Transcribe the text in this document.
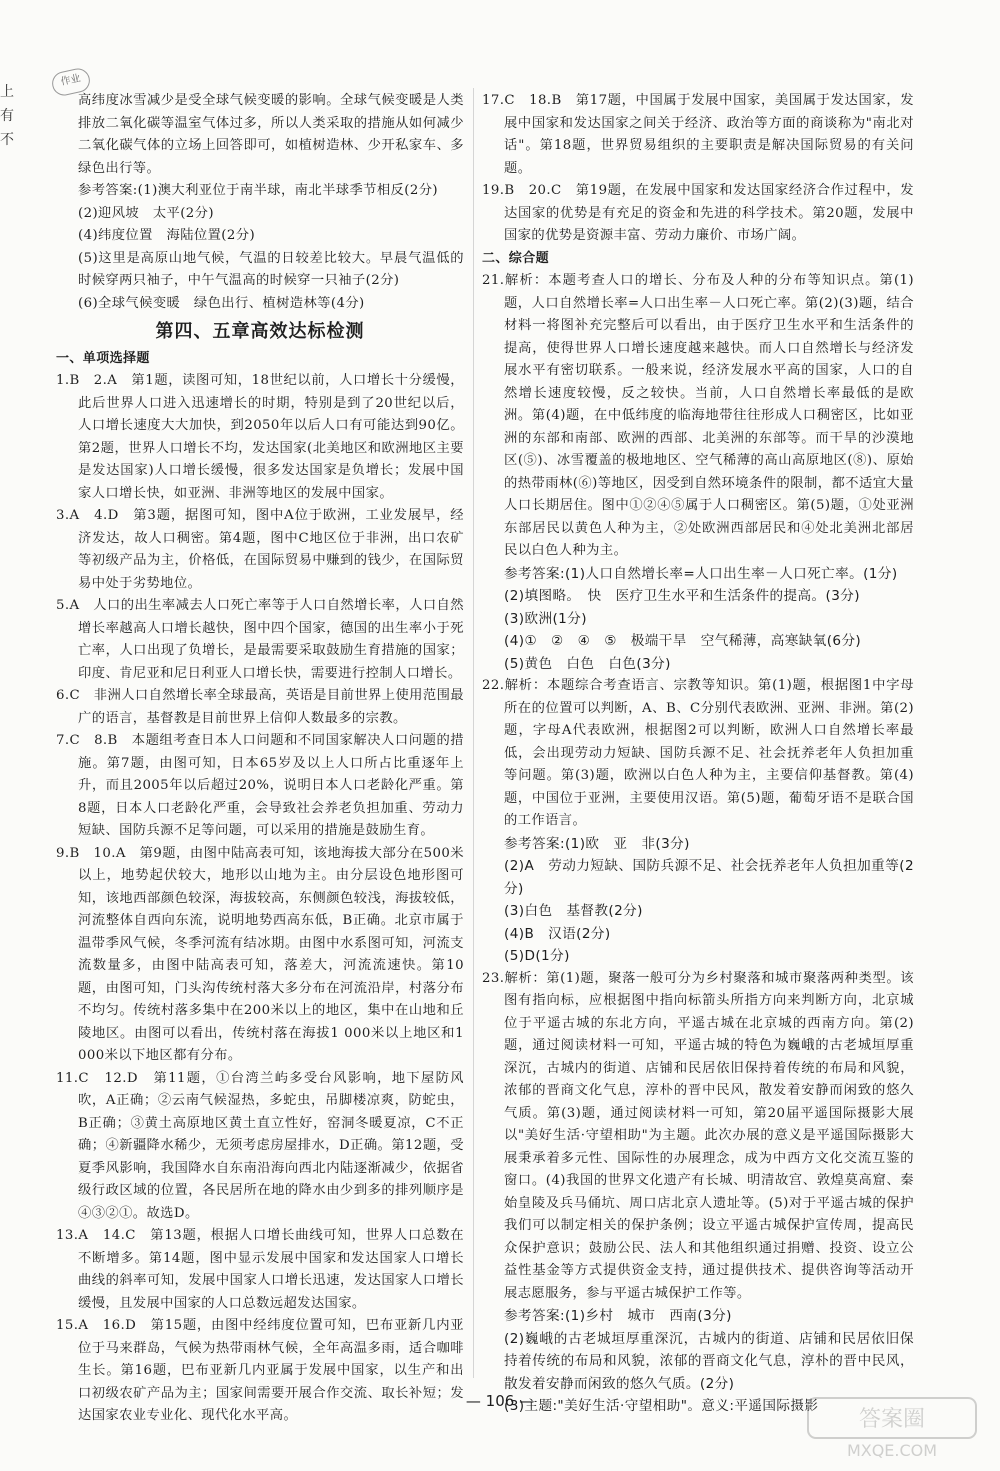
上
有
不
作业

高纬度冰雪减少是受全球气候变暖的影响。全球气候变暖是人类排放二氧化碳等温室气体过多，所以人类采取的措施从如何减少二氧化碳气体的立场上回答即可，如植树造林、少开私家车、多绿色出行等。

参考答案:(1)澳大利亚位于南半球，南北半球季节相反(2分)

(2)迎风坡　太平(2分)

(4)纬度位置　海陆位置(2分)

(5)这里是高原山地气候，气温的日较差比较大。早晨气温低的时候穿两只袖子，中午气温高的时候穿一只袖子(2分)

(6)全球气候变暖　绿色出行、植树造林等(4分)

第四、五章高效达标检测
一、单项选择题

1.B　2.A　第1题，读图可知，18世纪以前，人口增长十分缓慢，此后世界人口进入迅速增长的时期，特别是到了20世纪以后，人口增长速度大大加快，到2050年以后人口有可能达到90亿。第2题，世界人口增长不均，发达国家(北美地区和欧洲地区主要是发达国家)人口增长缓慢，很多发达国家是负增长；发展中国家人口增长快，如亚洲、非洲等地区的发展中国家。

3.A　4.D　第3题，据图可知，图中A位于欧洲，工业发展早，经济发达，故人口稠密。第4题，图中C地区位于非洲，出口农矿等初级产品为主，价格低，在国际贸易中赚到的钱少，在国际贸易中处于劣势地位。

5.A　人口的出生率减去人口死亡率等于人口自然增长率，人口自然增长率越高人口增长越快，图中四个国家，德国的出生率小于死亡率，人口出现了负增长，是最需要采取鼓励生育措施的国家；印度、肯尼亚和尼日利亚人口增长快，需要进行控制人口增长。

6.C　非洲人口自然增长率全球最高，英语是目前世界上使用范围最广的语言，基督教是目前世界上信仰人数最多的宗教。

7.C　8.B　本题组考查日本人口问题和不同国家解决人口问题的措施。第7题，由图可知，日本65岁及以上人口所占比重逐年上升，而且2005年以后超过20%，说明日本人口老龄化严重。第8题，日本人口老龄化严重，会导致社会养老负担加重、劳动力短缺、国防兵源不足等问题，可以采用的措施是鼓励生育。

9.B　10.A　第9题，由图中陆高表可知，该地海拔大部分在500米以上，地势起伏较大，地形以山地为主。由分层设色地形图可知，该地西部颜色较深，海拔较高，东侧颜色较浅，海拔较低，河流整体自西向东流，说明地势西高东低，B正确。北京市属于温带季风气候，冬季河流有结冰期。由图中水系图可知，河流支流数量多，由图中陆高表可知，落差大，河流流速快。第10题，由图可知，门头沟传统村落大多分布在河流沿岸，村落分布不均匀。传统村落多集中在200米以上的地区，集中在山地和丘陵地区。由图可以看出，传统村落在海拔1 000米以上地区和1 000米以下地区都有分布。

11.C　12.D　第11题，①台湾兰屿多受台风影响，地下屋防风吹，A正确；②云南气候湿热，多蛇虫，吊脚楼凉爽，防蛇虫，B正确；③黄土高原地区黄土直立性好，窑洞冬暖夏凉，C不正确；④新疆降水稀少，无须考虑房屋排水，D正确。第12题，受夏季风影响，我国降水自东南沿海向西北内陆逐渐减少，依据省级行政区域的位置，各民居所在地的降水由少到多的排列顺序是④③②①。故选D。

13.A　14.C　第13题，根据人口增长曲线可知，世界人口总数在不断增多。第14题，图中显示发展中国家和发达国家人口增长曲线的斜率可知，发展中国家人口增长迅速，发达国家人口增长缓慢，且发展中国家的人口总数远超发达国家。

15.A　16.D　第15题，由图中经纬度位置可知，巴布亚新几内亚位于马来群岛，气候为热带雨林气候，全年高温多雨，适合咖啡生长。第16题，巴布亚新几内亚属于发展中国家，以生产和出口初级农矿产品为主；国家间需要开展合作交流、取长补短；发达国家农业专业化、现代化水平高。

17.C　18.B　第17题，中国属于发展中国家，美国属于发达国家，发展中国家和发达国家之间关于经济、政治等方面的商谈称为"南北对话"。第18题，世界贸易组织的主要职责是解决国际贸易的有关问题。

19.B　20.C　第19题，在发展中国家和发达国家经济合作过程中，发达国家的优势是有充足的资金和先进的科学技术。第20题，发展中国家的优势是资源丰富、劳动力廉价、市场广阔。

二、综合题

21.解析：本题考查人口的增长、分布及人种的分布等知识点。第(1)题，人口自然增长率=人口出生率－人口死亡率。第(2)(3)题，结合材料一将图补充完整后可以看出，由于医疗卫生水平和生活条件的提高，使得世界人口增长速度越来越快。而人口自然增长与经济发展水平有密切联系。一般来说，经济发展水平高的国家，人口的自然增长速度较慢，反之较快。当前，人口自然增长率最低的是欧洲。第(4)题，在中低纬度的临海地带往往形成人口稠密区，比如亚洲的东部和南部、欧洲的西部、北美洲的东部等。而干旱的沙漠地区(⑤)、冰雪覆盖的极地地区、空气稀薄的高山高原地区(⑧)、原始的热带雨林(⑥)等地区，因受到自然环境条件的限制，都不适宜大量人口长期居住。图中①②④⑤属于人口稠密区。第(5)题，①处亚洲东部居民以黄色人种为主，②处欧洲西部居民和④处北美洲北部居民以白色人种为主。

参考答案:(1)人口自然增长率=人口出生率－人口死亡率。(1分)

(2)填图略。　快　医疗卫生水平和生活条件的提高。(3分)

(3)欧洲(1分)

(4)①　②　④　⑤　极端干旱　空气稀薄，高寒缺氧(6分)

(5)黄色　白色　白色(3分)

22.解析：本题综合考查语言、宗教等知识。第(1)题，根据图1中字母所在的位置可以判断，A、B、C分别代表欧洲、亚洲、非洲。第(2)题，字母A代表欧洲，根据图2可以判断，欧洲人口自然增长率最低，会出现劳动力短缺、国防兵源不足、社会抚养老年人负担加重等问题。第(3)题，欧洲以白色人种为主，主要信仰基督教。第(4)题，中国位于亚洲，主要使用汉语。第(5)题，葡萄牙语不是联合国的工作语言。

参考答案:(1)欧　亚　非(3分)

(2)A　劳动力短缺、国防兵源不足、社会抚养老年人负担加重等(2分)

(3)白色　基督教(2分)

(4)B　汉语(2分)

(5)D(1分)

23.解析：第(1)题，聚落一般可分为乡村聚落和城市聚落两种类型。该图有指向标，应根据图中指向标箭头所指方向来判断方向，北京城位于平遥古城的东北方向，平遥古城在北京城的西南方向。第(2)题，通过阅读材料一可知，平遥古城的特色为巍峨的古老城垣厚重深沉，古城内的街道、店铺和民居依旧保持着传统的布局和风貌，浓郁的晋商文化气息，淳朴的晋中民风，散发着安静而闲致的悠久气质。第(3)题，通过阅读材料一可知，第20届平遥国际摄影大展以"美好生活·守望相助"为主题。此次办展的意义是平遥国际摄影大展秉承着多元性、国际性的办展理念，成为中西方文化交流互鉴的窗口。(4)我国的世界文化遗产有长城、明清故宫、敦煌莫高窟、秦始皇陵及兵马俑坑、周口店北京人遗址等。(5)对于平遥古城的保护我们可以制定相关的保护条例；设立平遥古城保护宣传周，提高民众保护意识；鼓励公民、法人和其他组织通过捐赠、投资、设立公益性基金等方式提供资金支持，通过提供技术、提供咨询等活动开展志愿服务，参与平遥古城保护工作等。

参考答案:(1)乡村　城市　西南(3分)

(2)巍峨的古老城垣厚重深沉，古城内的街道、店铺和民居依旧保持着传统的布局和风貌，浓郁的晋商文化气息，淳朴的晋中民风，散发着安静而闲致的悠久气质。(2分)

(3)主题:"美好生活·守望相助"。意义:平遥国际摄影

— 106 —
答案圈
MXQE.COM
